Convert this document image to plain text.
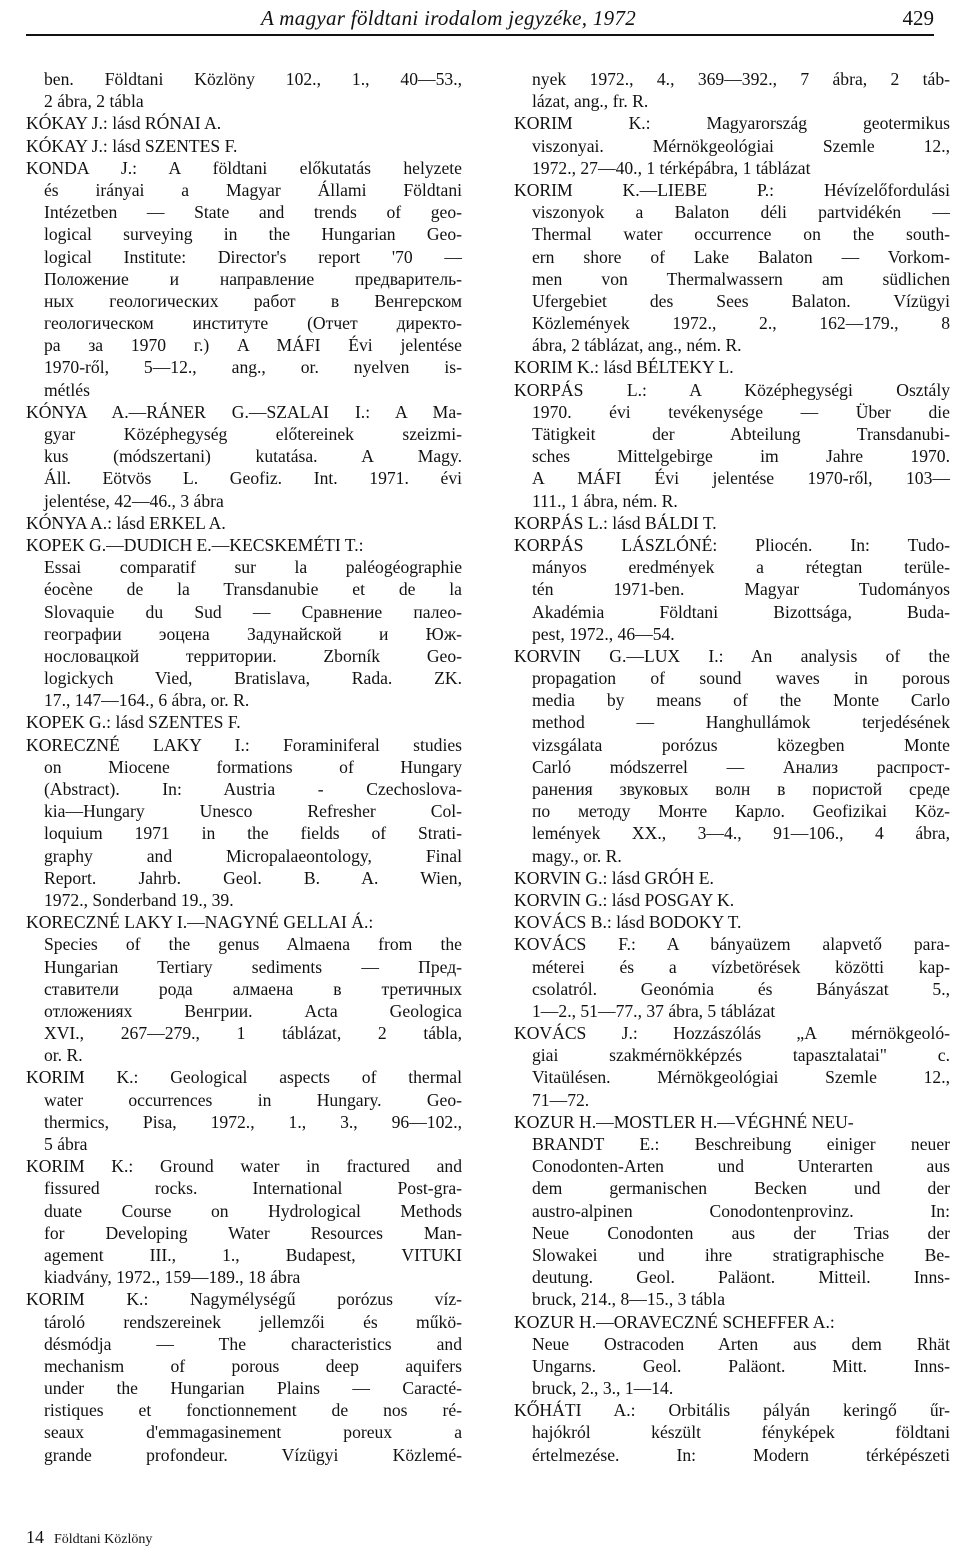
A magyar földtani irodalom jegyzéke, 1972	429
ben. Földtani Közlöny 102., 1., 40—53.,
2 ábra, 2 tábla
KÓKAY J.: lásd RÓNAI A.
KÓKAY J.: lásd SZENTES F.
KONDA J.: A földtani előkutatás helyzete
és irányai a Magyar Állami Földtani
Intézetben — State and trends of geo-
logical surveying in the Hungarian Geo-
logical Institute: Director's report '70 —
Положение и направление предваритель-
ных геологических работ в Венгерском
геологическом институте (Отчет директо-
ра за 1970 г.) A MÁFI Évi jelentése
1970-ről, 5—12., ang., or. nyelven is-
métlés
KÓNYA A.—RÁNER G.—SZALAI I.: A Ma-
gyar Középhegység előtereinek szeizmi-
kus (módszertani) kutatása. A Magy.
Áll. Eötvös L. Geofiz. Int. 1971. évi
jelentése, 42—46., 3 ábra
KÓNYA A.: lásd ERKEL A.
KOPEK G.—DUDICH E.—KECSKEMÉTI T.:
Essai comparatif sur la paléogéographie
éocène de la Transdanubie et de la
Slovaquie du Sud — Сравнение палео-
географии эоцена Задунайской и Юж-
нословацкой территории. Zborník Geo-
logickych Vied, Bratislava, Rada. ZK.
17., 147—164., 6 ábra, or. R.
KOPEK G.: lásd SZENTES F.
KORECZNÉ LAKY I.: Foraminiferal studies
on Miocene formations of Hungary
(Abstract). In: Austria - Czechoslova-
kia—Hungary Unesco Refresher Col-
loquium 1971 in the fields of Strati-
graphy and Micropalaeontology, Final
Report. Jahrb. Geol. B. A. Wien,
1972., Sonderband 19., 39.
KORECZNÉ LAKY I.—NAGYNÉ GELLAI Á.:
Species of the genus Almaena from the
Hungarian Tertiary sediments — Пред-
ставители рода алмаена в третичных
отложениях Венгрии. Acta Geologica
XVI., 267—279., 1 táblázat, 2 tábla,
or. R.
KORIM K.: Geological aspects of thermal
water occurrences in Hungary. Geo-
thermics, Pisa, 1972., 1., 3., 96—102.,
5 ábra
KORIM K.: Ground water in fractured and
fissured rocks. International Post-gra-
duate Course on Hydrological Methods
for Developing Water Resources Man-
agement III., 1., Budapest, VITUKI
kiadvány, 1972., 159—189., 18 ábra
KORIM K.: Nagymélységű porózus víz-
tároló rendszereinek jellemzői és műkö-
désmódja — The characteristics and
mechanism of porous deep aquifers
under the Hungarian Plains — Caracté-
ristiques et fonctionnement de nos ré-
seaux d'emmagasinement poreux a
grande profondeur. Vízügyi Közlemé-
nyek 1972., 4., 369—392., 7 ábra, 2 táb-
lázat, ang., fr. R.
KORIM K.: Magyarország geotermikus
viszonyai. Mérnökgeológiai Szemle 12.,
1972., 27—40., 1 térképábra, 1 táblázat
KORIM K.—LIEBE P.: Hévízelőfordulási
viszonyok a Balaton déli partvidékén —
Thermal water occurrence on the south-
ern shore of Lake Balaton — Vorkom-
men von Thermalwassern am südlichen
Ufergebiet des Sees Balaton. Vízügyi
Közlemények 1972., 2., 162—179., 8
ábra, 2 táblázat, ang., ném. R.
KORIM K.: lásd BÉLTEKY L.
KORPÁS L.: A Középhegységi Osztály
1970. évi tevékenysége — Über die
Tätigkeit der Abteilung Transdanubi-
sches Mittelgebirge im Jahre 1970.
A MÁFI Évi jelentése 1970-ről, 103—
111., 1 ábra, ném. R.
KORPÁS L.: lásd BÁLDI T.
KORPÁS LÁSZLÓNÉ: Pliocén. In: Tudo-
mányos eredmények a rétegtan terüle-
tén 1971-ben. Magyar Tudományos
Akadémia Földtani Bizottsága, Buda-
pest, 1972., 46—54.
KORVIN G.—LUX I.: An analysis of the
propagation of sound waves in porous
media by means of the Monte Carlo
method — Hanghullámok terjedésének
vizsgálata porózus közegben Monte
Carló módszerrel — Анализ распрост-
ранения звуковых волн в пористой среде
по методу Монте Карло. Geofizikai Köz-
lemények XX., 3—4., 91—106., 4 ábra,
magy., or. R.
KORVIN G.: lásd GRÓH E.
KORVIN G.: lásd POSGAY K.
KOVÁCS B.: lásd BODOKY T.
KOVÁCS F.: A bányaüzem alapvető para-
méterei és a vízbetörések közötti kap-
csolatról. Geonómia és Bányászat 5.,
1—2., 51—77., 37 ábra, 5 táblázat
KOVÁCS J.: Hozzászólás „A mérnökgeoló-
giai szakmérnökképzés tapasztalatai" c.
Vitaülésen. Mérnökgeológiai Szemle 12.,
71—72.
KOZUR H.—MOSTLER H.—VÉGHNÉ NEU-
BRANDT E.: Beschreibung einiger neuer
Conodonten-Arten und Unterarten aus
dem germanischen Becken und der
austro-alpinen Conodontenprovinz. In:
Neue Conodonten aus der Trias der
Slowakei und ihre stratigraphische Be-
deutung. Geol. Paläont. Mitteil. Inns-
bruck, 214., 8—15., 3 tábla
KOZUR H.—ORAVECZNÉ SCHEFFER A.:
Neue Ostracoden Arten aus dem Rhät
Ungarns. Geol. Paläont. Mitt. Inns-
bruck, 2., 3., 1—14.
KŐHÁTI A.: Orbitális pályán keringő űr-
hajókról készült fényképek földtani
értelmezése. In: Modern térképészeti
14 Földtani Közlöny
